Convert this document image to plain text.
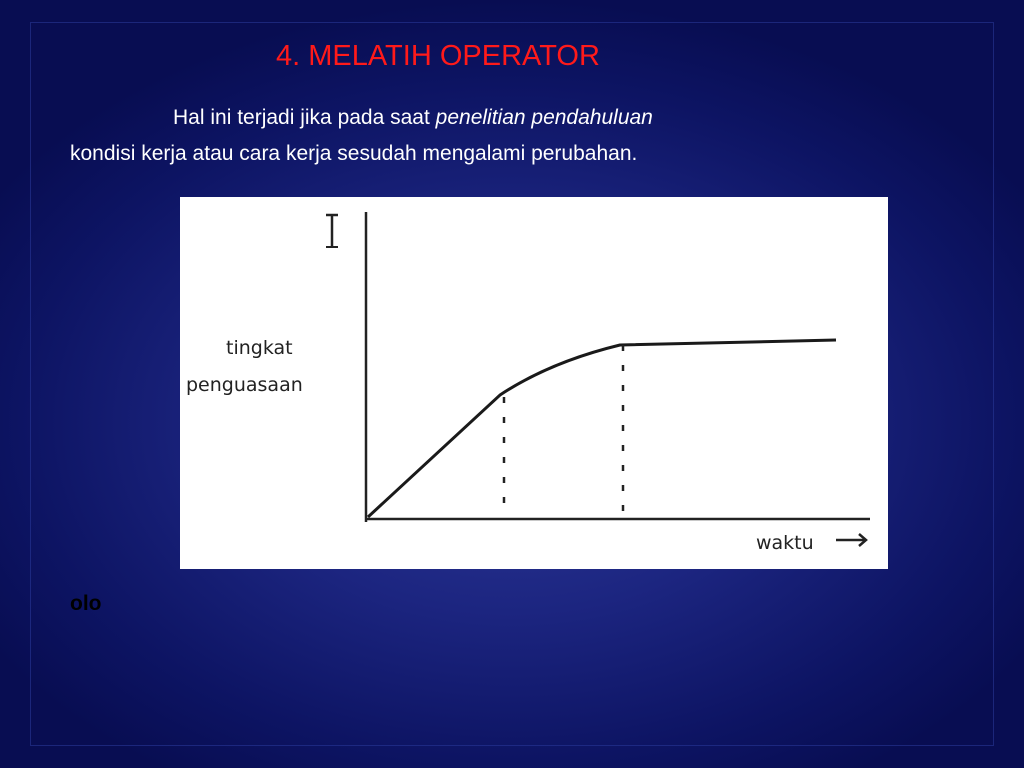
4. MELATIH OPERATOR
Hal ini terjadi jika pada saat penelitian pendahuluan
kondisi kerja atau cara kerja sesudah mengalami perubahan.
tingkat
penguasaan
waktu
olo
